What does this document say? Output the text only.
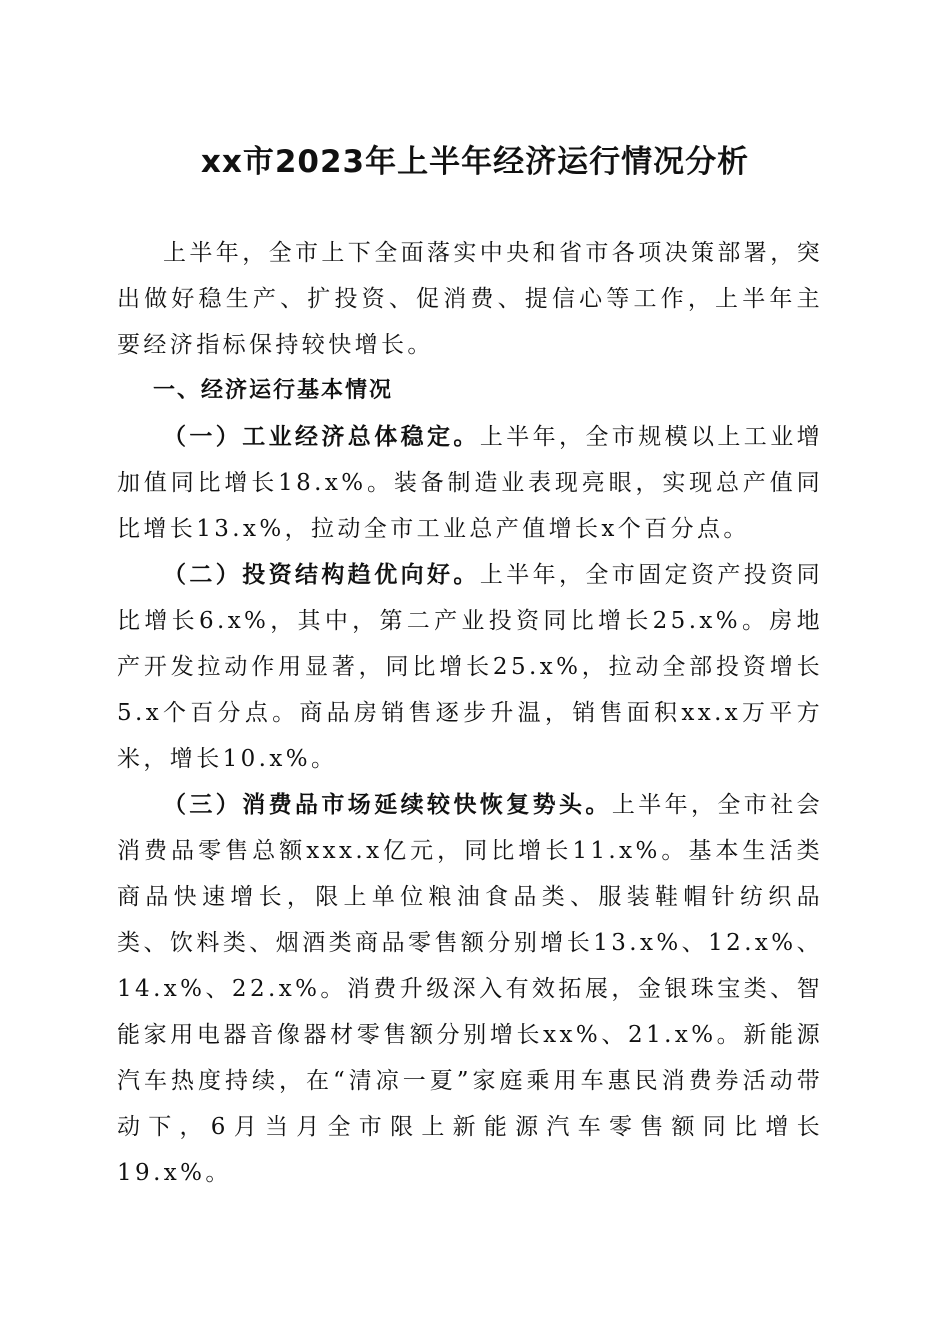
xx市2023年上半年经济运行情况分析

上半年，全市上下全面落实中央和省市各项决策部署，突出做好稳生产、扩投资、促消费、提信心等工作，上半年主要经济指标保持较快增长。

一、经济运行基本情况

（一）工业经济总体稳定。上半年，全市规模以上工业增加值同比增长18.x%。装备制造业表现亮眼，实现总产值同比增长13.x%，拉动全市工业总产值增长x个百分点。

（二）投资结构趋优向好。上半年，全市固定资产投资同比增长6.x%，其中，第二产业投资同比增长25.x%。房地产开发拉动作用显著，同比增长25.x%，拉动全部投资增长5.x个百分点。商品房销售逐步升温，销售面积xx.x万平方米，增长10.x%。

（三）消费品市场延续较快恢复势头。上半年，全市社会消费品零售总额xxx.x亿元，同比增长11.x%。基本生活类商品快速增长，限上单位粮油食品类、服装鞋帽针纺织品类、饮料类、烟酒类商品零售额分别增长13.x%、12.x%、14.x%、22.x%。消费升级深入有效拓展，金银珠宝类、智能家用电器音像器材零售额分别增长xx%、21.x%。新能源汽车热度持续，在“清凉一夏”家庭乘用车惠民消费券活动带动下，6月当月全市限上新能源汽车零售额同比增长19.x%。
